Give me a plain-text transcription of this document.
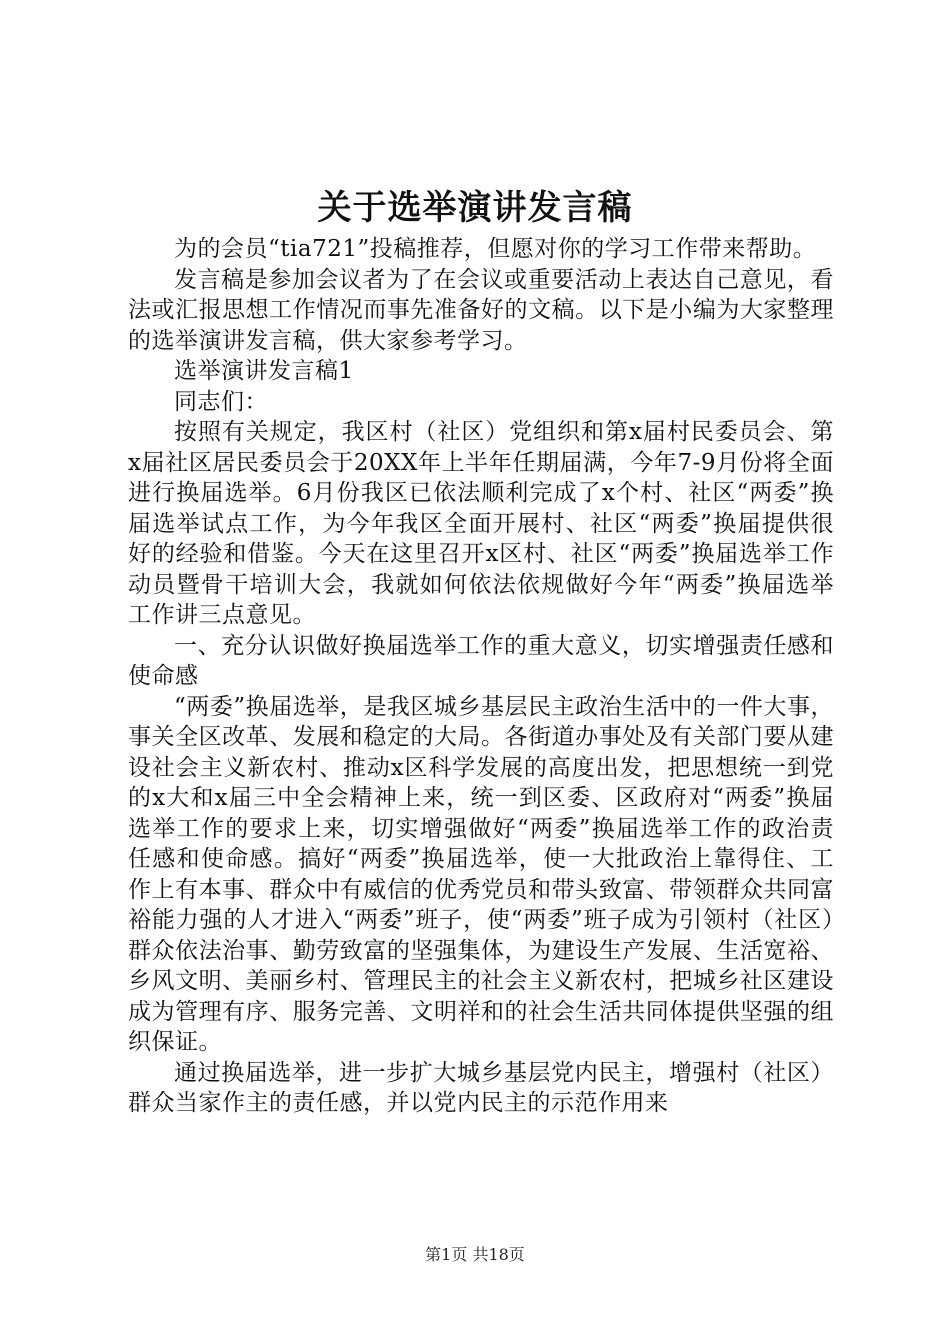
关于选举演讲发言稿

为的会员“tia721”投稿推荐，但愿对你的学习工作带来帮助。

发言稿是参加会议者为了在会议或重要活动上表达自己意见，看法或汇报思想工作情况而事先准备好的文稿。以下是小编为大家整理的选举演讲发言稿，供大家参考学习。

选举演讲发言稿1

同志们：

按照有关规定，我区村（社区）党组织和第x届村民委员会、第x届社区居民委员会于20XX年上半年任期届满，今年7-9月份将全面进行换届选举。6月份我区已依法顺利完成了x个村、社区“两委”换届选举试点工作，为今年我区全面开展村、社区“两委”换届提供很好的经验和借鉴。今天在这里召开x区村、社区“两委”换届选举工作动员暨骨干培训大会，我就如何依法依规做好今年“两委”换届选举工作讲三点意见。

一、充分认识做好换届选举工作的重大意义，切实增强责任感和使命感

“两委”换届选举，是我区城乡基层民主政治生活中的一件大事，事关全区改革、发展和稳定的大局。各街道办事处及有关部门要从建设社会主义新农村、推动x区科学发展的高度出发，把思想统一到党的x大和x届三中全会精神上来，统一到区委、区政府对“两委”换届选举工作的要求上来，切实增强做好“两委”换届选举工作的政治责任感和使命感。搞好“两委”换届选举，使一大批政治上靠得住、工作上有本事、群众中有威信的优秀党员和带头致富、带领群众共同富裕能力强的人才进入“两委”班子，使“两委”班子成为引领村（社区）群众依法治事、勤劳致富的坚强集体，为建设生产发展、生活宽裕、乡风文明、美丽乡村、管理民主的社会主义新农村，把城乡社区建设成为管理有序、服务完善、文明祥和的社会生活共同体提供坚强的组织保证。

通过换届选举，进一步扩大城乡基层党内民主，增强村（社区）群众当家作主的责任感，并以党内民主的示范作用来

第1页 共18页
